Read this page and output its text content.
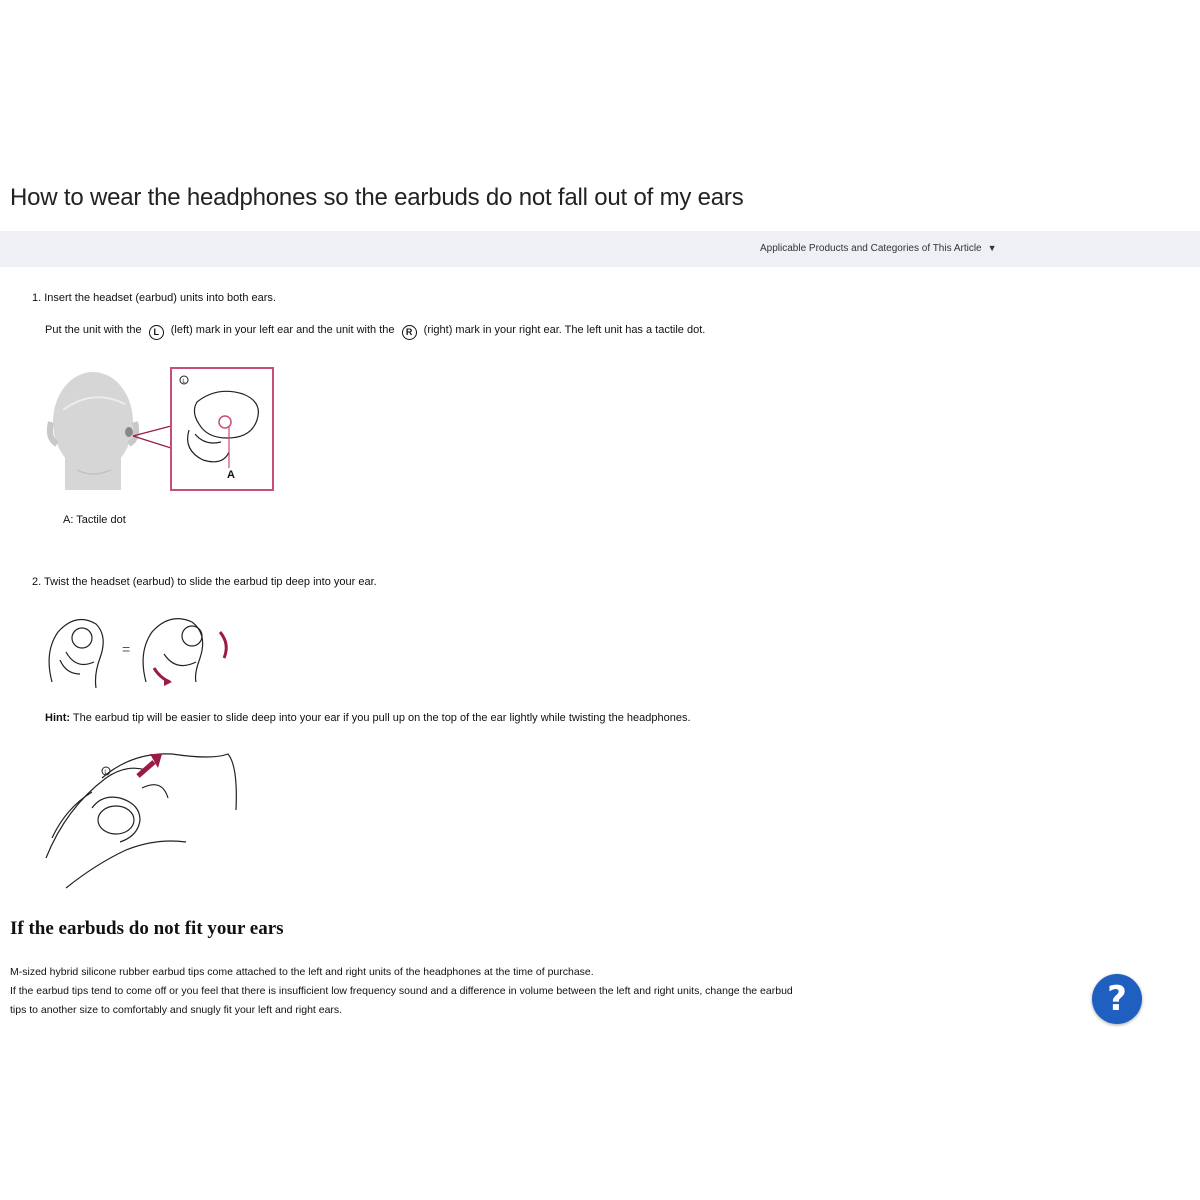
How to wear the headphones so the earbuds do not fall out of my ears
Applicable Products and Categories of This Article ▼
1. Insert the headset (earbud) units into both ears.
Put the unit with the L (left) mark in your left ear and the unit with the R (right) mark in your right ear. The left unit has a tactile dot.
L
A
A: Tactile dot
2. Twist the headset (earbud) to slide the earbud tip deep into your ear.
=
Hint: The earbud tip will be easier to slide deep into your ear if you pull up on the top of the ear lightly while twisting the headphones.
L
If the earbuds do not fit your ears
M-sized hybrid silicone rubber earbud tips come attached to the left and right units of the headphones at the time of purchase.
If the earbud tips tend to come off or you feel that there is insufficient low frequency sound and a difference in volume between the left and right units, change the earbud
tips to another size to comfortably and snugly fit your left and right ears.	?
